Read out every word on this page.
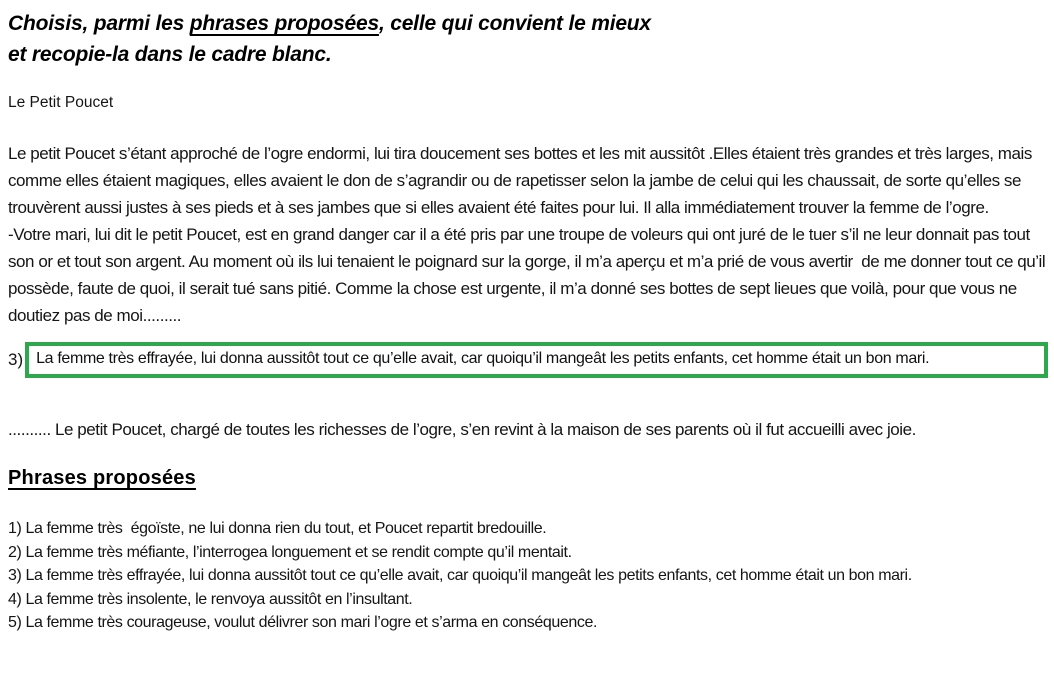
Choisis, parmi les phrases proposées, celle qui convient le mieux
et recopie-la dans le cadre blanc.
Le Petit Poucet
Le petit Poucet s’étant approché de l’ogre endormi, lui tira doucement ses bottes et les mit aussitôt .Elles étaient très grandes et très larges, mais comme elles étaient magiques, elles avaient le don de s’agrandir ou de rapetisser selon la jambe de celui qui les chaussait, de sorte qu’elles se trouvèrent aussi justes à ses pieds et à ses jambes que si elles avaient été faites pour lui. Il alla immédiatement trouver la femme de l’ogre.
-Votre mari, lui dit le petit Poucet, est en grand danger car il a été pris par une troupe de voleurs qui ont juré de le tuer s’il ne leur donnait pas tout son or et tout son argent. Au moment où ils lui tenaient le poignard sur la gorge, il m’a aperçu et m’a prié de vous avertir  de me donner tout ce qu’il possède, faute de quoi, il serait tué sans pitié. Comme la chose est urgente, il m’a donné ses bottes de sept lieues que voilà, pour que vous ne doutiez pas de moi.........
3) La femme très effrayée, lui donna aussitôt tout ce qu’elle avait, car quoiqu’il mangeât les petits enfants, cet homme était un bon mari.
.......... Le petit Poucet, chargé de toutes les richesses de l’ogre, s’en revint à la maison de ses parents où il fut accueilli avec joie.
Phrases proposées
1) La femme très  égoïste, ne lui donna rien du tout, et Poucet repartit bredouille.
2) La femme très méfiante, l’interrogea longuement et se rendit compte qu’il mentait.
3) La femme très effrayée, lui donna aussitôt tout ce qu’elle avait, car quoiqu’il mangeât les petits enfants, cet homme était un bon mari.
4) La femme très insolente, le renvoya aussitôt en l’insultant.
5) La femme très courageuse, voulut délivrer son mari l’ogre et s’arma en conséquence.
